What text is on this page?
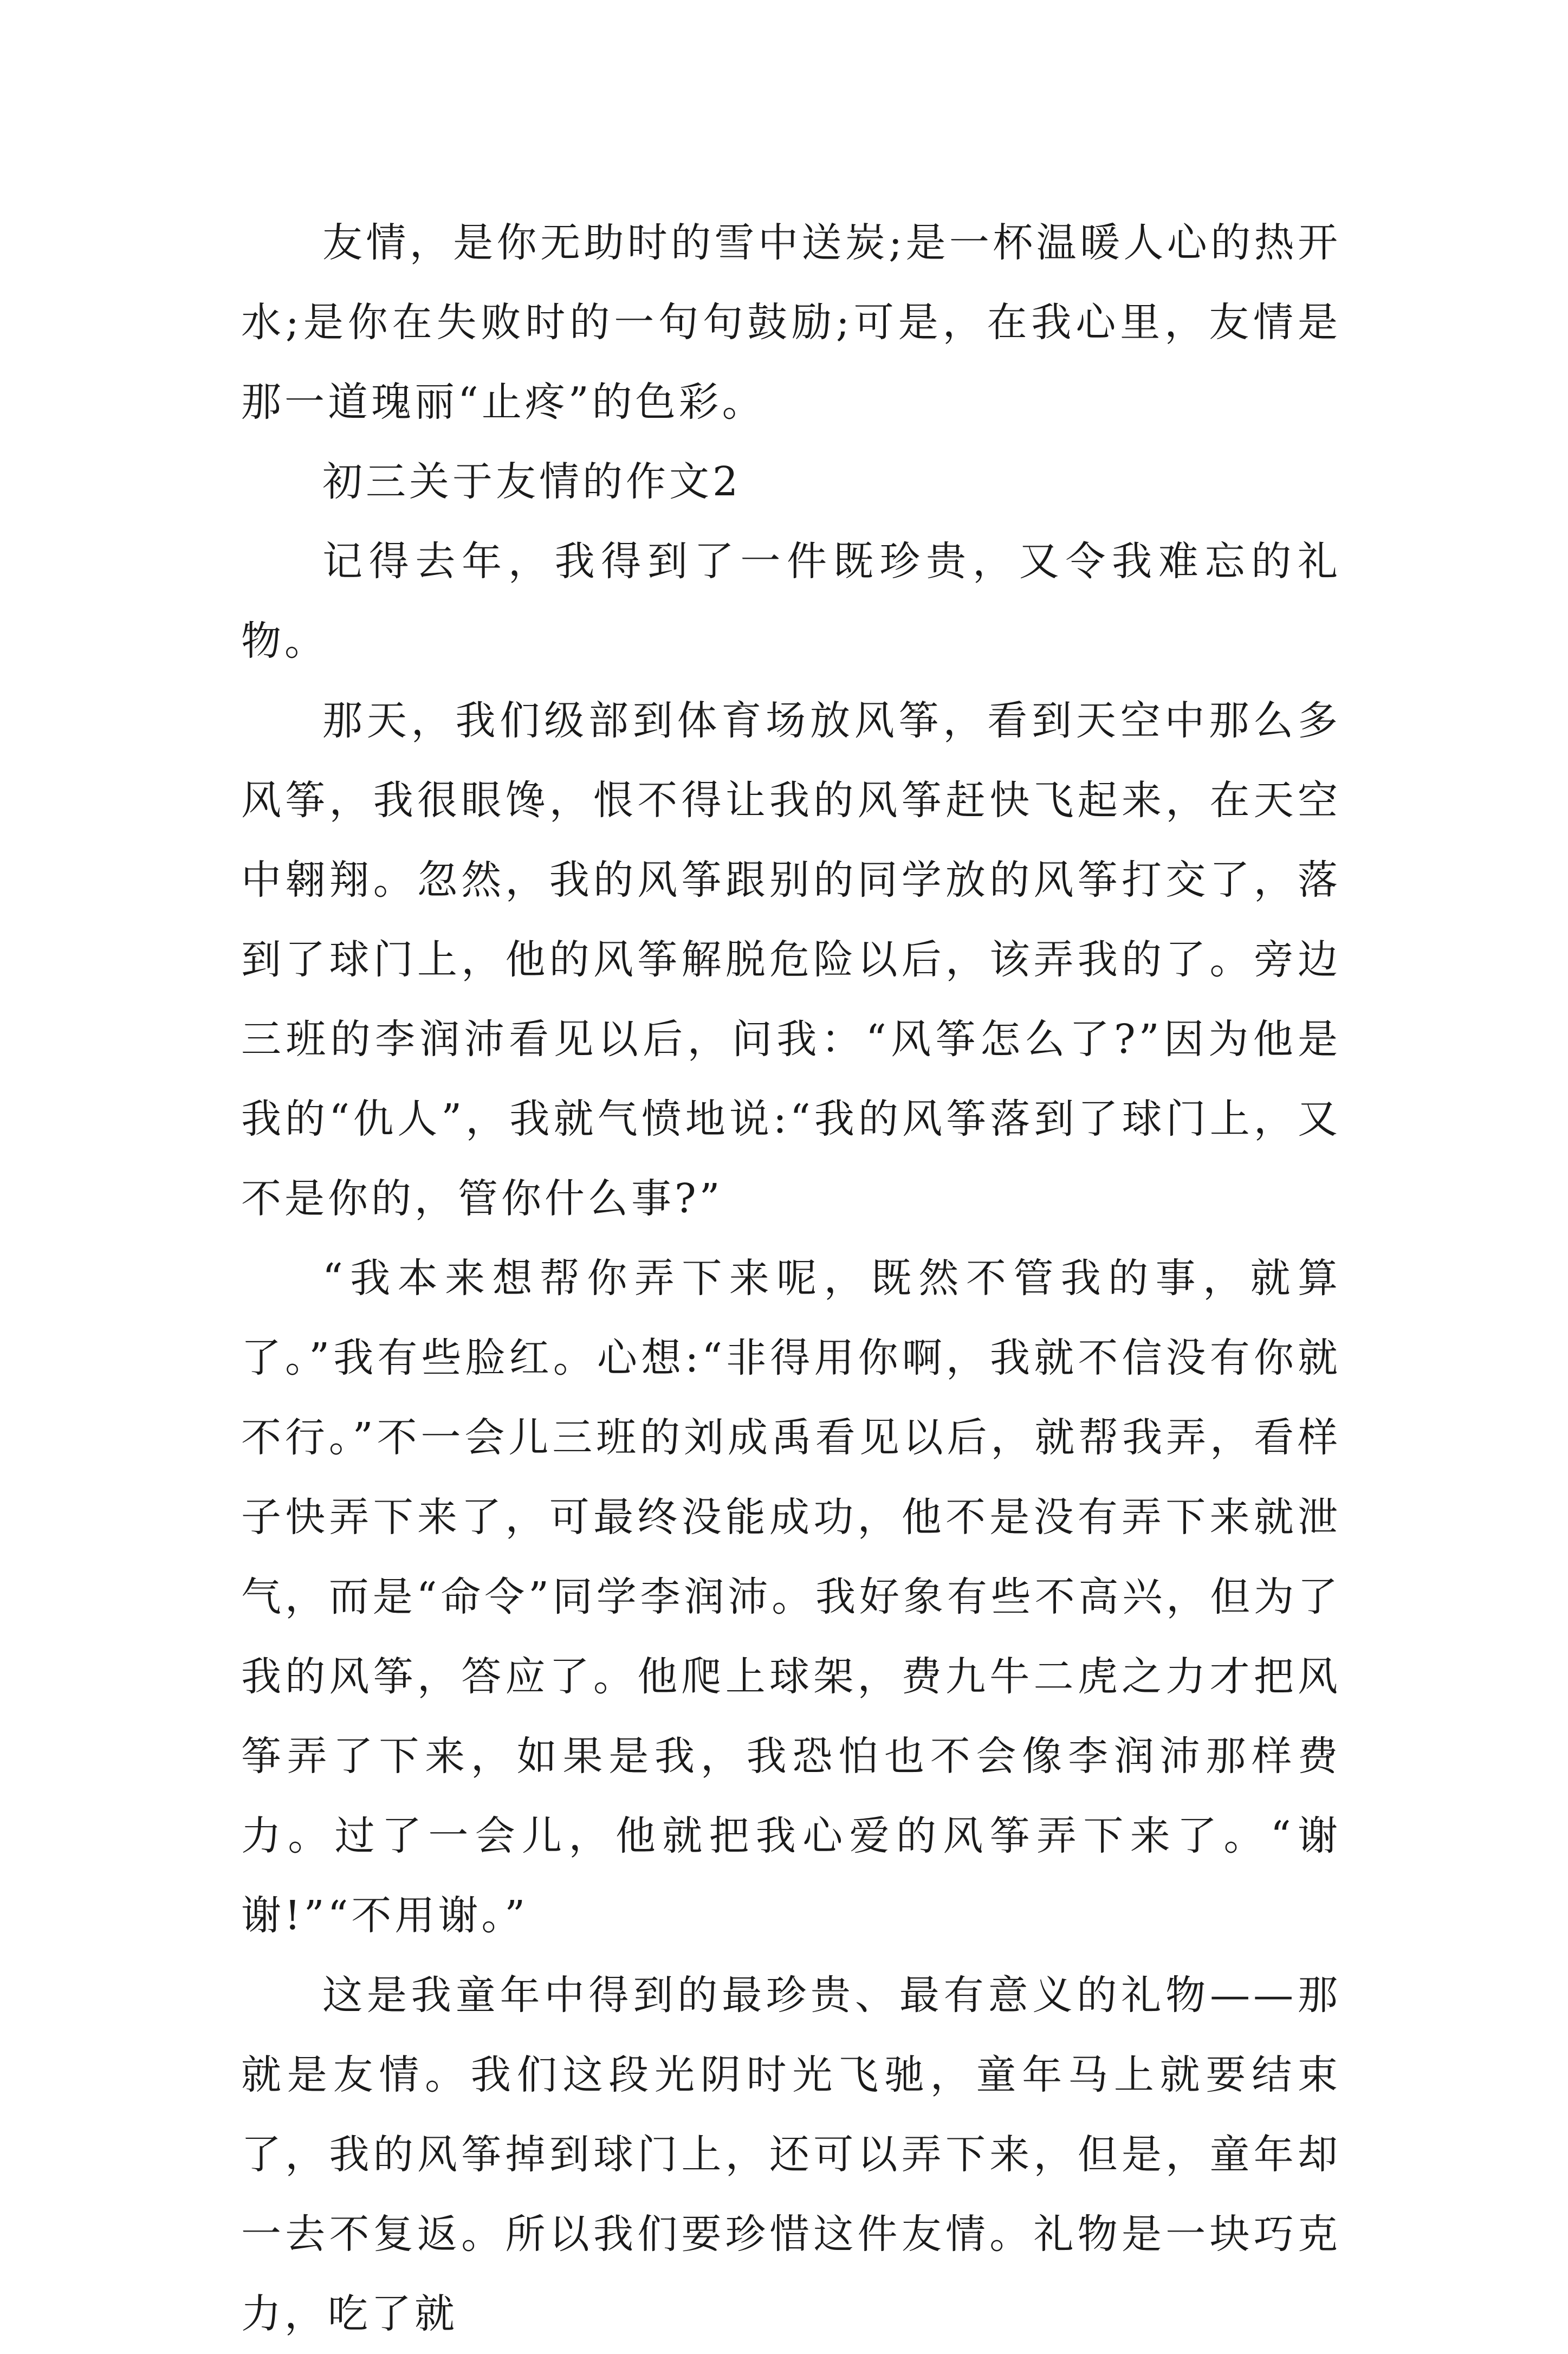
友情，是你无助时的雪中送炭;是一杯温暖人心的热开水;是你在失败时的一句句鼓励;可是，在我心里，友情是那一道瑰丽“止疼”的色彩。

初三关于友情的作文2

记得去年，我得到了一件既珍贵，又令我难忘的礼物。

那天，我们级部到体育场放风筝，看到天空中那么多风筝，我很眼馋，恨不得让我的风筝赶快飞起来，在天空中翱翔。忽然，我的风筝跟别的同学放的风筝打交了，落到了球门上，他的风筝解脱危险以后，该弄我的了。旁边三班的李润沛看见以后，问我：“风筝怎么了?”因为他是我的“仇人”，我就气愤地说:“我的风筝落到了球门上，又不是你的，管你什么事?”

“我本来想帮你弄下来呢，既然不管我的事，就算了。”我有些脸红。心想:“非得用你啊，我就不信没有你就不行。”不一会儿三班的刘成禹看见以后，就帮我弄，看样子快弄下来了，可最终没能成功，他不是没有弄下来就泄气，而是“命令”同学李润沛。我好象有些不高兴，但为了我的风筝，答应了。他爬上球架，费九牛二虎之力才把风筝弄了下来，如果是我，我恐怕也不会像李润沛那样费力。过了一会儿，他就把我心爱的风筝弄下来了。“谢谢!”“不用谢。”

这是我童年中得到的最珍贵、最有意义的礼物——那就是友情。我们这段光阴时光飞驰，童年马上就要结束了，我的风筝掉到球门上，还可以弄下来，但是，童年却一去不复返。所以我们要珍惜这件友情。礼物是一块巧克力，吃了就
